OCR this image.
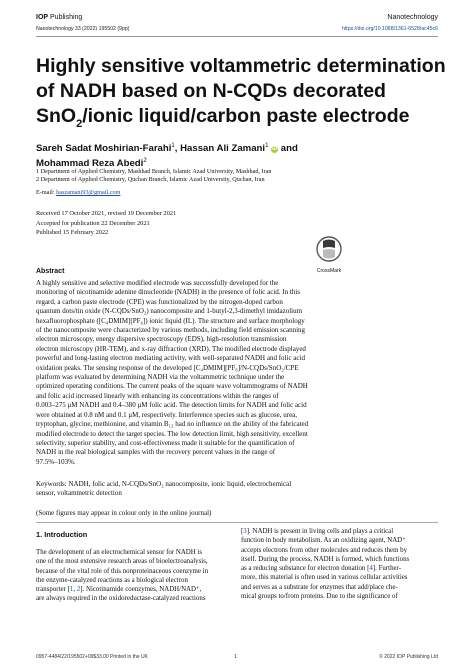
IOP Publishing	Nanotechnology
Nanotechnology 33 (2022) 195502 (9pp)	https://doi.org/10.1088/1361-6528/ac45c6
Highly sensitive voltammetric determination
of NADH based on N-CQDs decorated
SnO$_2$/ionic liquid/carbon paste electrode
Sareh Sadat Moshirian-Farahi$^1$, Hassan Ali Zamani$^1$ iD and
Mohammad Reza Abedi$^2$
1 Department of Applied Chemistry, Mashhad Branch, Islamic Azad University, Mashhad, Iran
2 Department of Applied Chemistry, Quchan Branch, Islamic Azad University, Quchan, Iran
E-mail: haszamani93@gmail.com
Received 17 October 2021, revised 19 December 2021
Accepted for publication 22 December 2021
Published 15 February 2022
CrossMark
Abstract
A highly sensitive and selective modified electrode was successfully developed for the
monitoring of nicotinamide adenine dinucleotide (NADH) in the presence of folic acid. In this
regard, a carbon paste electrode (CPE) was functionalized by the nitrogen-doped carbon
quantum dots/tin oxide (N-CQDs/SnO₂) nanocomposite and 1-butyl-2,3-dimethyl imidazolium
hexafluorophosphate ([C₄DMIM][PF₆]) ionic liquid (IL). The structure and surface morphology
of the nanocomposite were characterized by various methods, including field emission scanning
electron microscopy, energy dispersive spectroscopy (EDS), high-resolution transmission
electron microscopy (HR-TEM), and x-ray diffraction (XRD). The modified electrode displayed
powerful and long-lasting electron mediating activity, with well-separated NADH and folic acid
oxidation peaks. The sensing response of the developed [C₄DMIM][PF₆]/N-CQDs/SnO₂/CPE
platform was evaluated by determining NADH via the voltammetric technique under the
optimized operating conditions. The current peaks of the square wave voltammograms of NADH
and folic acid increased linearly with enhancing its concentrations within the ranges of
0.003–275 μM NADH and 0.4–380 μM folic acid. The detection limits for NADH and folic acid
were obtained at 0.8 nM and 0.1 μM, respectively. Interference species such as glucose, urea,
tryptophan, glycine, methionine, and vitamin B₁₂ had no influence on the ability of the fabricated
modified electrode to detect the target species. The low detection limit, high sensitivity, excellent
selectivity, superior stability, and cost-effectiveness made it suitable for the quantification of
NADH in the real biological samples with the recovery percent values in the range of
97.5%–103%.
Keywords: NADH, folic acid, N-CQDs/SnO₂ nanocomposite, ionic liquid, electrochemical
sensor, voltammetric detection
(Some figures may appear in colour only in the online journal)
1. Introduction
The development of an electrochemical sensor for NADH is
one of the most extensive research areas of bioelectroanalysis,
because of the vital role of this nonproteinaceous coenzyme in
the enzyme-catalyzed reactions as a biological electron
transporter [1, 2]. Nicotinamide coenzymes, NADH/NAD⁺,
are always required in the oxidoreductase-catalyzed reactions
[3]. NADH is present in living cells and plays a critical
function in body metabolism. As an oxidizing agent, NAD⁺
accepts electrons from other molecules and reduces them by
itself. During the process, NADH is formed, which functions
as a reducing substance for electron donation [4]. Further-
more, this material is often used in various cellular activities
and serves as a substrate for enzymes that add/place che-
mical groups to/from proteins. Due to the significance of
0957-4484/22/195502+09$33.00 Printed in the UK	1	© 2022 IOP Publishing Ltd
